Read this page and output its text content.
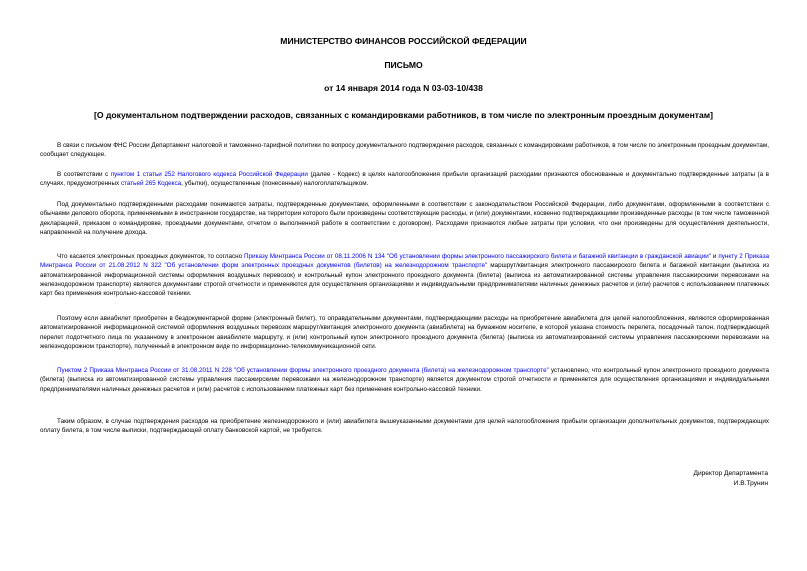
МИНИСТЕРСТВО ФИНАНСОВ РОССИЙСКОЙ ФЕДЕРАЦИИ
ПИСЬМО
от 14 января 2014 года N 03-03-10/438
[О документальном подтверждении расходов, связанных с командировками работников, в том числе по электронным проездным документам]

В связи с письмом ФНС России Департамент налоговой и таможенно-тарифной политики по вопросу документального подтверждения расходов, связанных с командировками работников, в том числе по электронным проездным документам, сообщает следующее.

В соответствии с пунктом 1 статьи 252 Налогового кодекса Российской Федерации (далее - Кодекс) в целях налогообложения прибыли организаций расходами признаются обоснованные и документально подтвержденные затраты (а в случаях, предусмотренных статьей 265 Кодекса, убытки), осуществленные (понесенные) налогоплательщиком.

Под документально подтвержденными расходами понимаются затраты, подтвержденные документами, оформленными в соответствии с законодательством Российской Федерации, либо документами, оформленными в соответствии с обычаями делового оборота, применяемыми в иностранном государстве, на территории которого были произведены соответствующие расходы, и (или) документами, косвенно подтверждающими произведенные расходы (в том числе таможенной декларацией, приказом о командировке, проездными документами, отчетом о выполненной работе в соответствии с договором). Расходами признаются любые затраты при условии, что они произведены для осуществления деятельности, направленной на получение дохода.

Что касается электронных проездных документов, то согласно Приказу Минтранса России от 08.11.2006 N 134 "Об установлении формы электронного пассажирского билета и багажной квитанции в гражданской авиации" и пункту 2 Приказа Минтранса России от 21.08.2012 N 322 "Об установлении форм электронных проездных документов (билетов) на железнодорожном транспорте" маршрут/квитанция электронного пассажирского билета и багажной квитанции (выписка из автоматизированной информационной системы оформления воздушных перевозок) и контрольный купон электронного проездного документа (билета) (выписка из автоматизированной системы управления пассажирскими перевозками на железнодорожном транспорте) являются документами строгой отчетности и применяются для осуществления организациями и индивидуальными предпринимателями наличных денежных расчетов и (или) расчетов с использованием платежных карт без применения контрольно-кассовой техники.

Поэтому если авиабилет приобретен в бездокументарной форме (электронный билет), то оправдательными документами, подтверждающими расходы на приобретение авиабилета для целей налогообложения, являются сформированная автоматизированной информационной системой оформления воздушных перевозок маршрут/квитанция электронного документа (авиабилета) на бумажном носителе, в которой указана стоимость перелета, посадочный талон, подтверждающий перелет подотчетного лица по указанному в электронном авиабилете маршруту, и (или) контрольный купон электронного проездного документа (билета) (выписка из автоматизированной системы управления пассажирскими перевозками на железнодорожном транспорте), полученный в электронном виде по информационно-телекоммуникационной сети.

Пунктом 2 Приказа Минтранса России от 31.08.2011 N 228 "Об установлении формы электронного проездного документа (билета) на железнодорожном транспорте" установлено, что контрольный купон электронного проездного документа (билета) (выписка из автоматизированной системы управления пассажирскими перевозками на железнодорожном транспорте) является документом строгой отчетности и применяется для осуществления организациями и индивидуальными предпринимателями наличных денежных расчетов и (или) расчетов с использованием платежных карт без применения контрольно-кассовой техники.

Таким образом, в случае подтверждения расходов на приобретение железнодорожного и (или) авиабилета вышеуказанными документами для целей налогообложения прибыли организации дополнительных документов, подтверждающих оплату билета, в том числе выписки, подтверждающей оплату банковской картой, не требуется.

Директор Департамента
И.В.Трунин
